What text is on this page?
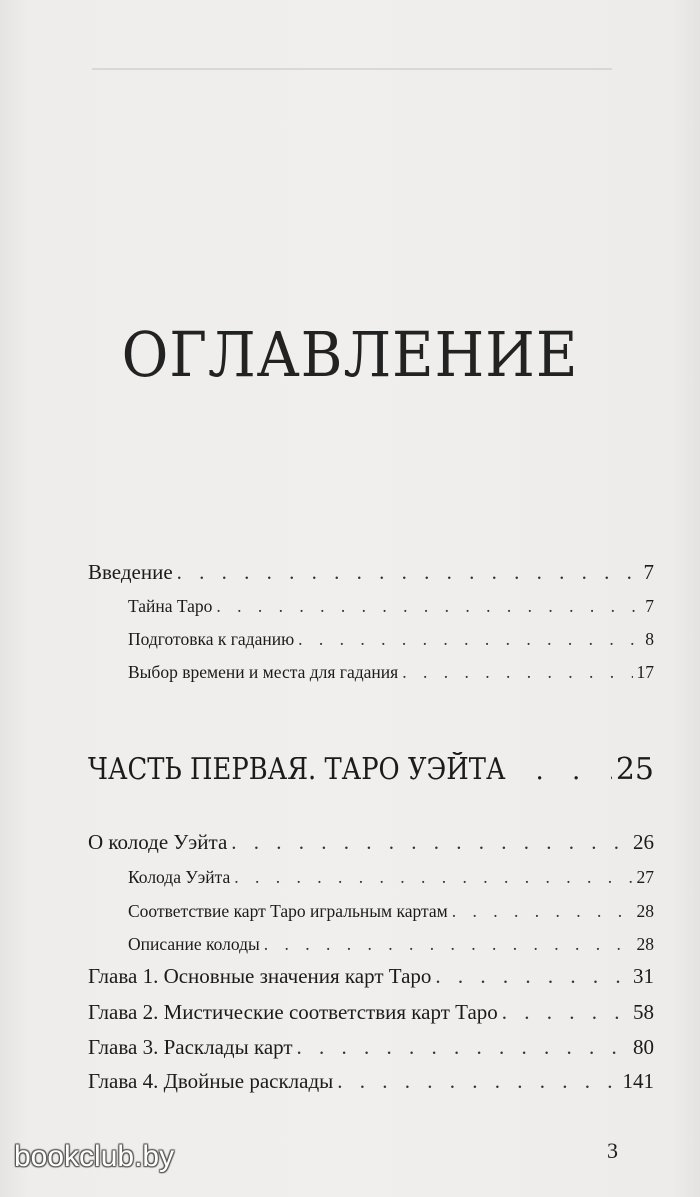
ОГЛАВЛЕНИЕ
Введение . . .	7
Тайна Таро . . .	7
Подготовка к гаданию . . .	8
Выбор времени и места для гадания . . .	17
ЧАСТЬ ПЕРВАЯ. ТАРО УЭЙТА . . .	25
О колоде Уэйта . . .	26
Колода Уэйта . . .	27
Соответствие карт Таро игральным картам . . .	28
Описание колоды . . .	28
Глава 1. Основные значения карт Таро . . .	31
Глава 2. Мистические соответствия карт Таро . . .	58
Глава 3. Расклады карт . . .	80
Глава 4. Двойные расклады . . .	141
3
bookclub.by
